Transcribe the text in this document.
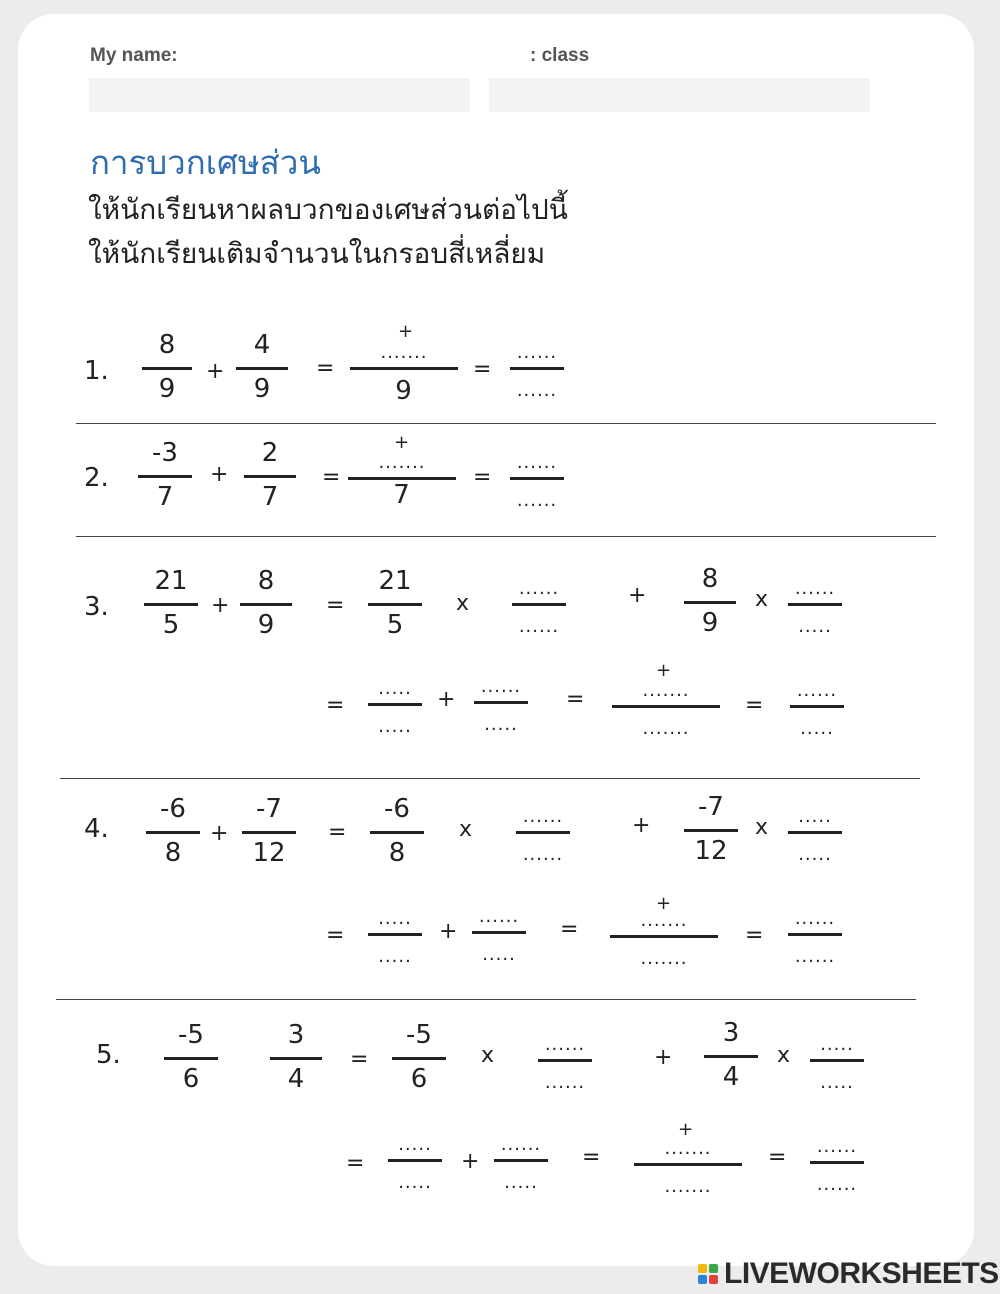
My name:	: class
การบวกเศษส่วน
ให้นักเรียนหาผลบวกของเศษส่วนต่อไปนี้
ให้นักเรียนเติมจำนวนในกรอบสี่เหลี่ยม
1.
8
9
+
4
9
=
+
.......
9
=
......
......
2.
-3
7
+
2
7
=
+
.......
7
=
......
......
3.
21
5
+
8
9
=
21
5
x
......
......
+
8
9
x	......
.....
=
.....
.....
+
......
.....
=
+
.......
.......
=
......
.....
4.
-6
8
+
-7
12
=
-6
8
x
......
......
+
-7
12
x	.....
.....
=
.....
.....
+
......
.....
=
+
.......
.......
=
......
......
5.
-5
6
3
4
=
-5
6
x	......
......
+
3
4
x	.....
.....
=
.....
.....
+
......
.....
=
+
.......
.......
=	......
......
LIVEWORKSHEETS
